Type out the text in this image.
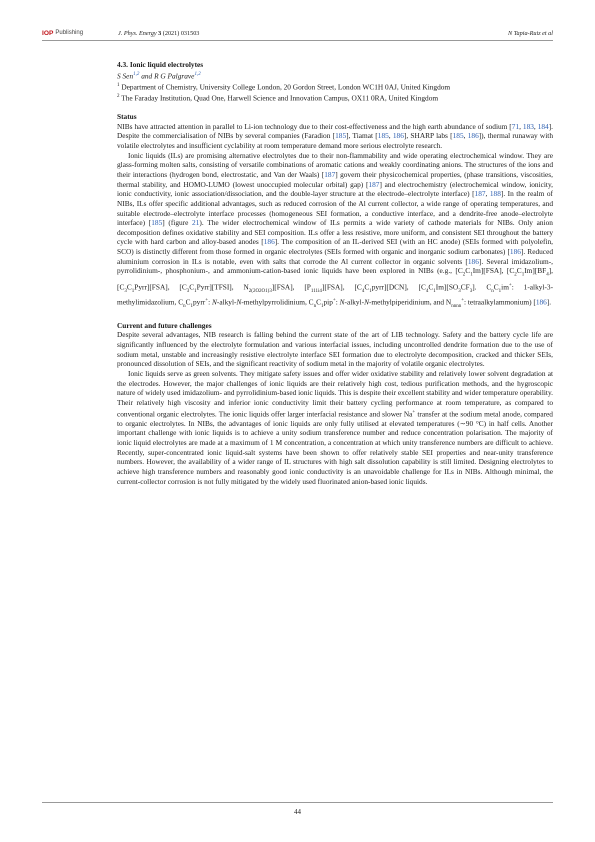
IOP Publishing	J. Phys. Energy 3 (2021) 031503	N Tapia-Ruiz et al

4.3. Ionic liquid electrolytes

S Sen$^{1,2}$ and R G Palgrave$^{1,2}$

$^1$ Department of Chemistry, University College London, 20 Gordon Street, London WC1H 0AJ, United Kingdom

$^2$ The Faraday Institution, Quad One, Harwell Science and Innovation Campus, OX11 0RA, United Kingdom

Status

NIBs have attracted attention in parallel to Li-ion technology due to their cost-effectiveness and the high earth abundance of sodium [71, 183, 184]. Despite the commercialisation of NIBs by several companies (Faradion [185], Tiamat [185, 186], SHARP labs [185, 186]), thermal runaway with volatile electrolytes and insufficient cyclability at room temperature demand more serious electrolyte research.

Ionic liquids (ILs) are promising alternative electrolytes due to their non-flammability and wide operating electrochemical window. They are glass-forming molten salts, consisting of versatile combinations of aromatic cations and weakly coordinating anions. The structures of the ions and their interactions (hydrogen bond, electrostatic, and Van der Waals) [187] govern their physicochemical properties, (phase transitions, viscosities, thermal stability, and HOMO-LUMO (lowest unoccupied molecular orbital) gap) [187] and electrochemistry (electrochemical window, ionicity, ionic conductivity, ionic association/dissociation, and the double-layer structure at the electrode–electrolyte interface) [187, 188]. In the realm of NIBs, ILs offer specific additional advantages, such as reduced corrosion of the Al current collector, a wide range of operating temperatures, and suitable electrode–electrolyte interface processes (homogeneous SEI formation, a conductive interface, and a dendrite-free anode–electrolyte interface) [185] (figure 21). The wider electrochemical window of ILs permits a wide variety of cathode materials for NIBs. Only anion decomposition defines oxidative stability and SEI composition. ILs offer a less resistive, more uniform, and consistent SEI throughout the battery cycle with hard carbon and alloy-based anodes [186]. The composition of an IL-derived SEI (with an HC anode) (SEIs formed with polyolefin, SCO) is distinctly different from those formed in organic electrolytes (SEIs formed with organic and inorganic sodium carbonates) [186]. Reduced aluminium corrosion in ILs is notable, even with salts that corrode the Al current collector in organic solvents [186]. Several imidazolium-, pyrrolidinium-, phosphonium-, and ammonium-cation-based ionic liquids have been explored in NIBs (e.g., $[C_2C_1Im][FSA]$, $[C_2C_1Im][BF_4]$, $[C_3C_1Pyrr][FSA]$, $[C_3C_1Pyrr][TFSI]$, $N_{2(2O2O1)3}][FSA]$, $[P_{111i4}][FSA]$, $[C_4C_1pyrr][DCN]$, $[C_4C_1Im][SO_3CF_3]$. $C_nC_1im^+$: 1-alkyl-3-methylimidazolium, $C_nC_1pyrr^+$: N-alkyl-N-methylpyrrolidinium, $C_nC_1pip^+$: N-alkyl-N-methylpiperidinium, and $N_{nnnn}^+$: tetraalkylammonium) [186].

Current and future challenges

Despite several advantages, NIB research is falling behind the current state of the art of LIB technology. Safety and the battery cycle life are significantly influenced by the electrolyte formulation and various interfacial issues, including uncontrolled dendrite formation due to the use of sodium metal, unstable and increasingly resistive electrolyte interface SEI formation due to electrolyte decomposition, cracked and thicker SEIs, pronounced dissolution of SEIs, and the significant reactivity of sodium metal in the majority of volatile organic electrolytes.

Ionic liquids serve as green solvents. They mitigate safety issues and offer wider oxidative stability and relatively lower solvent degradation at the electrodes. However, the major challenges of ionic liquids are their relatively high cost, tedious purification methods, and the hygroscopic nature of widely used imidazolium- and pyrrolidinium-based ionic liquids. This is despite their excellent stability and wider temperature operability. Their relatively high viscosity and inferior ionic conductivity limit their battery cycling performance at room temperature, as compared to conventional organic electrolytes. The ionic liquids offer larger interfacial resistance and slower Na+ transfer at the sodium metal anode, compared to organic electrolytes. In NIBs, the advantages of ionic liquids are only fully utilised at elevated temperatures (∼90 °C) in half cells. Another important challenge with ionic liquids is to achieve a unity sodium transference number and reduce concentration polarisation. The majority of ionic liquid electrolytes are made at a maximum of 1 M concentration, a concentration at which unity transference numbers are difficult to achieve. Recently, super-concentrated ionic liquid-salt systems have been shown to offer relatively stable SEI properties and near-unity transference numbers. However, the availability of a wider range of IL structures with high salt dissolution capability is still limited. Designing electrolytes to achieve high transference numbers and reasonably good ionic conductivity is an unavoidable challenge for ILs in NIBs. Although minimal, the current-collector corrosion is not fully mitigated by the widely used fluorinated anion-based ionic liquids.

44
